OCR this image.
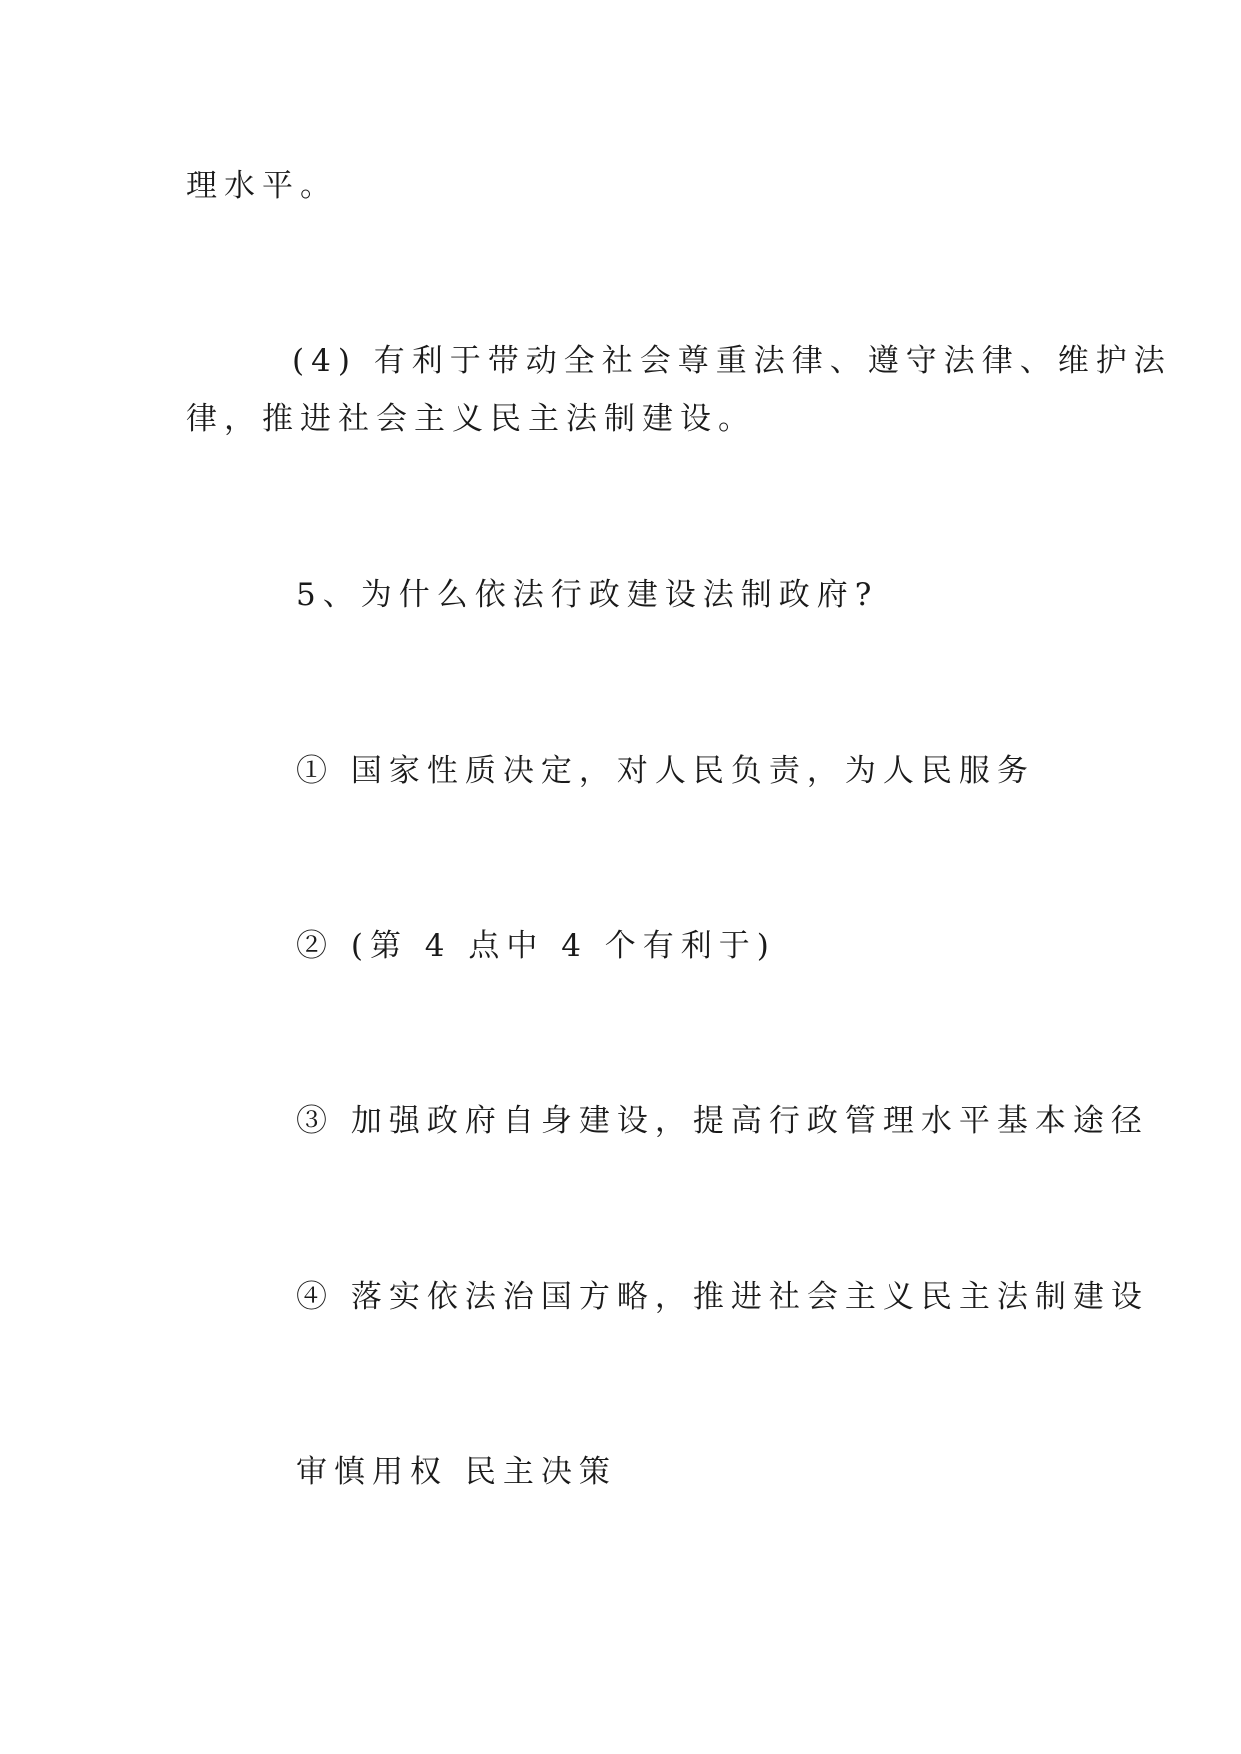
理水平。
(4) 有利于带动全社会尊重法律、遵守法律、维护法
律，推进社会主义民主法制建设。
5、为什么依法行政建设法制政府?
① 国家性质决定，对人民负责，为人民服务
② (第 4 点中 4 个有利于)
③ 加强政府自身建设，提高行政管理水平基本途径
④ 落实依法治国方略，推进社会主义民主法制建设
审慎用权 民主决策
